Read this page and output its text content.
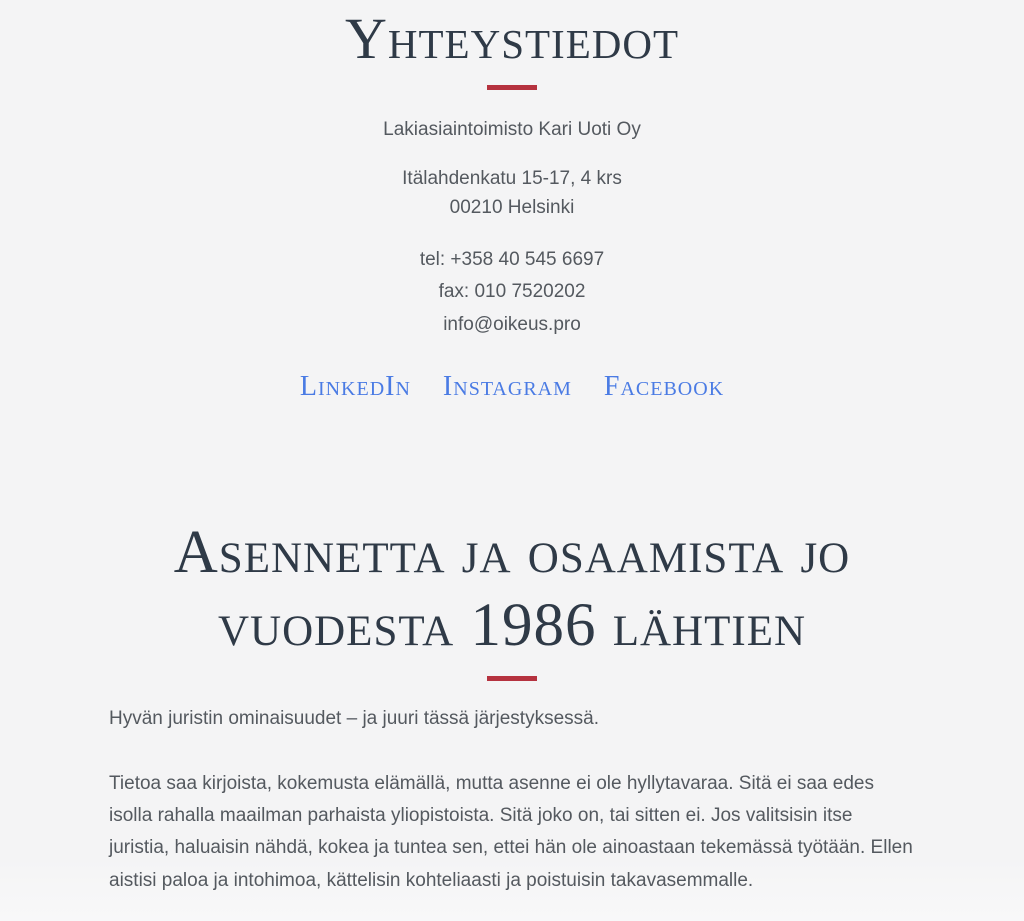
Yhteystiedot

Lakiasiaintoimisto Kari Uoti Oy

Itälahdenkatu 15-17, 4 krs
00210 Helsinki

tel: +358 40 545 6697
fax: 010 7520202
info@oikeus.pro

LinkedIn Instagram Facebook
Asennetta ja osaamista jo
vuodesta 1986 lähtien

Hyvän juristin ominaisuudet – ja juuri tässä järjestyksessä.

Tietoa saa kirjoista, kokemusta elämällä, mutta asenne ei ole hyllytavaraa. Sitä ei saa edes isolla rahalla maailman parhaista yliopistoista. Sitä joko on, tai sitten ei. Jos valitsisin itse juristia, haluaisin nähdä, kokea ja tuntea sen, ettei hän ole ainoastaan tekemässä työtään. Ellen aistisi paloa ja intohimoa, kättelisin kohteliaasti ja poistuisin takavasemmalle.
